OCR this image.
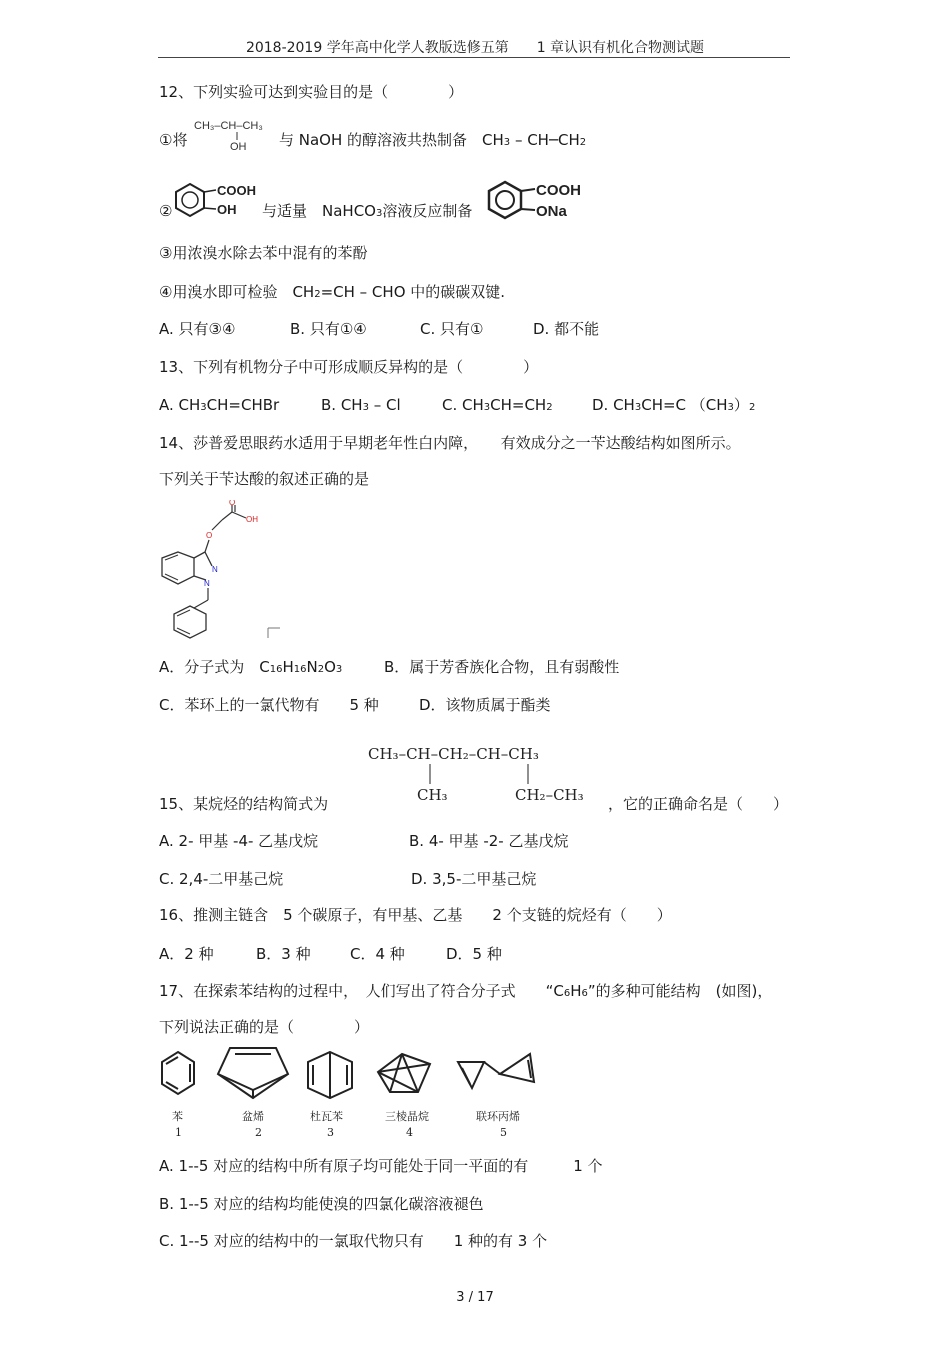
2018-2019 学年高中化学人教版选修五第　　1 章认识有机化合物测试题
12、下列实验可达到实验目的是（　　　　）
①将
CH₃–CH–CH₃
OH 与 NaOH 的醇溶液共热制备　CH3 – CH─CH2
②
COOH
OH 与适量　NaHCO3溶液反应制备
COOH
ONa
③用浓溴水除去苯中混有的苯酚
④用溴水即可检验　CH2=CH – CHO 中的碳碳双键.
A. 只有③④	B. 只有①④	C. 只有①	D. 都不能
13、下列有机物分子中可形成顺反异构的是（　　　　）
A. CH3CH=CHBr	B. CH3 – Cl	C. CH3CH=CH2	D. CH3CH=C （CH3）2
14、莎普爱思眼药水适用于早期老年性白内障，　　有效成分之一苄达酸结构如图所示。
下列关于苄达酸的叙述正确的是
O
OH
O
N
N
A．分子式为　C16H16N2O3	B．属于芳香族化合物，且有弱酸性
C．苯环上的一氯代物有　　5 种	D．该物质属于酯类
CH₃–CH–CH₂–CH–CH₃
CH₃	CH₂–CH₃
15、某烷烃的结构简式为	，它的正确命名是（　　）
A. 2- 甲基 -4- 乙基戊烷	B. 4- 甲基 -2- 乙基戊烷
C. 2,4-二甲基己烷	D. 3,5-二甲基己烷
16、推测主链含　5 个碳原子，有甲基、乙基　　2 个支链的烷烃有（　　）
A．2 种	B．3 种	C．4 种	D．5 种
17、在探索苯结构的过程中，　人们写出了符合分子式　　“C6H6”的多种可能结构　(如图)，
下列说法正确的是（　　　　）
苯
1
盆烯
2
杜瓦苯
3
三棱晶烷
4
联环丙烯
5
A. 1--5 对应的结构中所有原子均可能处于同一平面的有　　　1 个
B. 1--5 对应的结构均能使溴的四氯化碳溶液褪色
C. 1--5 对应的结构中的一氯取代物只有　　1 种的有 3 个
3 / 17
